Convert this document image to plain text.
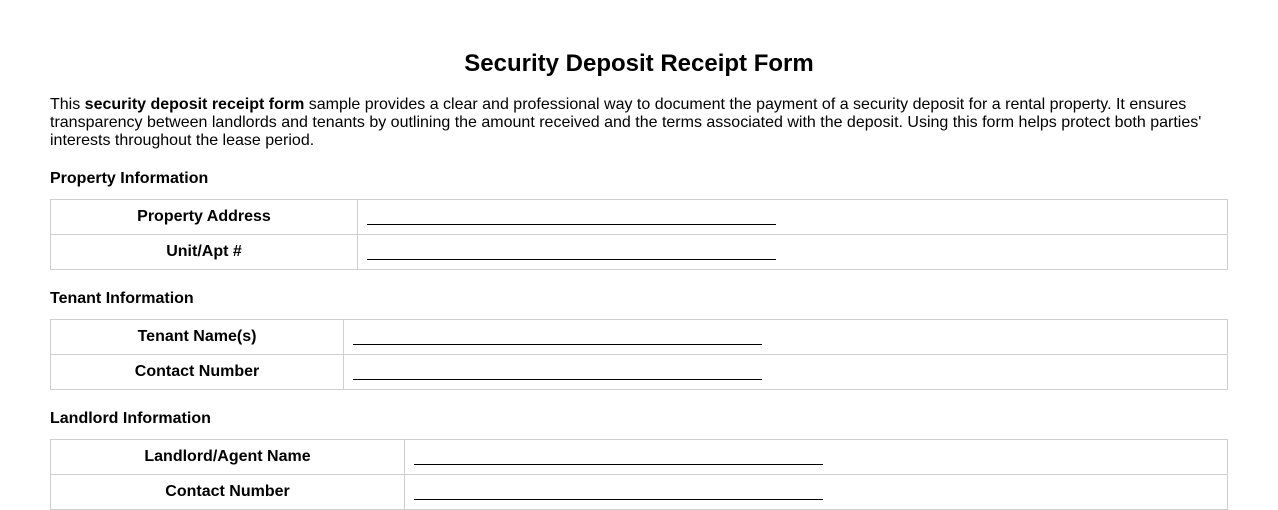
Security Deposit Receipt Form

This security deposit receipt form sample provides a clear and professional way to document the payment of a security deposit for a rental property. It ensures transparency between landlords and tenants by outlining the amount received and the terms associated with the deposit. Using this form helps protect both parties' interests throughout the lease period.

Property Information
Property Address	
Unit/Apt #	
Tenant Information
Tenant Name(s)	
Contact Number	
Landlord Information
Landlord/Agent Name	
Contact Number	
